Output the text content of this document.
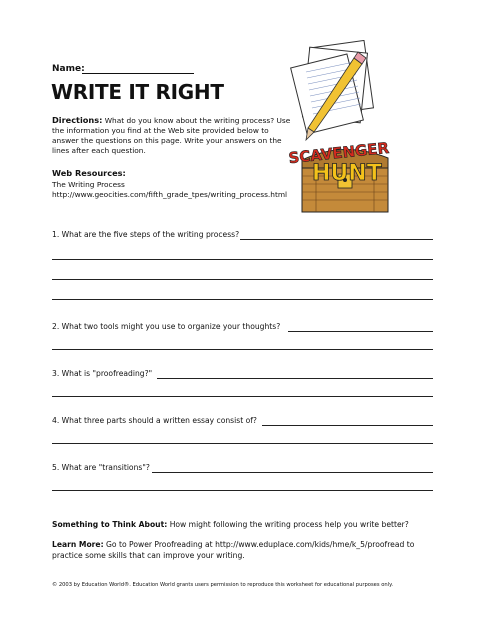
Name:
WRITE IT RIGHT
Directions: What do you know about the writing process? Use the information you find at the Web site provided below to answer the questions on this page. Write your answers on the lines after each question.
Web Resources:
The Writing Process
http://www.geocities.com/fifth_grade_tpes/writing_process.html
SCAVENGER
HUNT
1. What are the five steps of the writing process?
2. What two tools might you use to organize your thoughts?
3. What is "proofreading?"
4. What three parts should a written essay consist of?
5. What are "transitions"?
Something to Think About: How might following the writing process help you write better?
Learn More: Go to Power Proofreading at http://www.eduplace.com/kids/hme/k_5/proofread to practice some skills that can improve your writing.
© 2003 by Education World®. Education World grants users permission to reproduce this worksheet for educational purposes only.
